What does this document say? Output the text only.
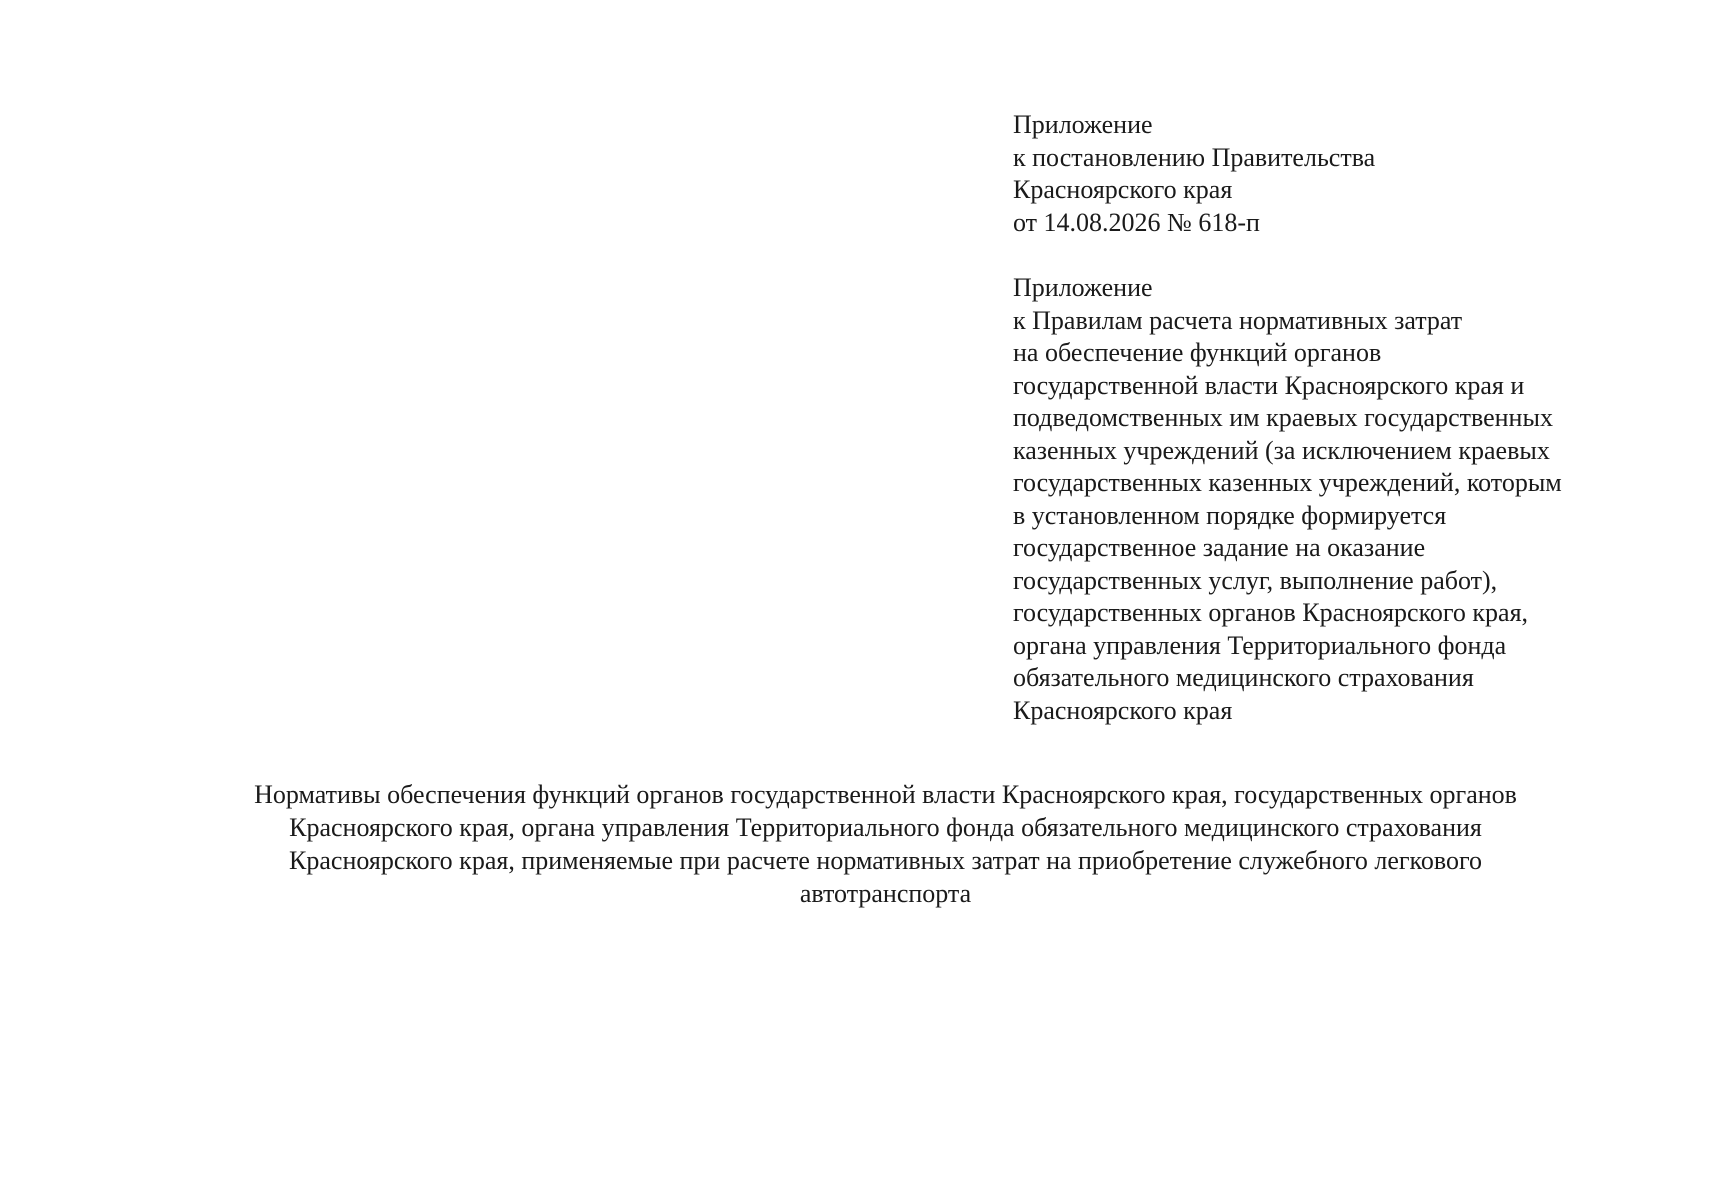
Приложение
к постановлению Правительства
Красноярского края
от 14.08.2026 № 618-п
Приложение
к Правилам расчета нормативных затрат
на обеспечение функций органов
государственной власти Красноярского края и
подведомственных им краевых государственных
казенных учреждений (за исключением краевых
государственных казенных учреждений, которым
в установленном порядке формируется
государственное задание на оказание
государственных услуг, выполнение работ),
государственных органов Красноярского края,
органа управления Территориального фонда
обязательного медицинского страхования
Красноярского края
Нормативы обеспечения функций органов государственной власти Красноярского края, государственных органов
Красноярского края, органа управления Территориального фонда обязательного медицинского страхования
Красноярского края, применяемые при расчете нормативных затрат на приобретение служебного легкового
автотранспорта
